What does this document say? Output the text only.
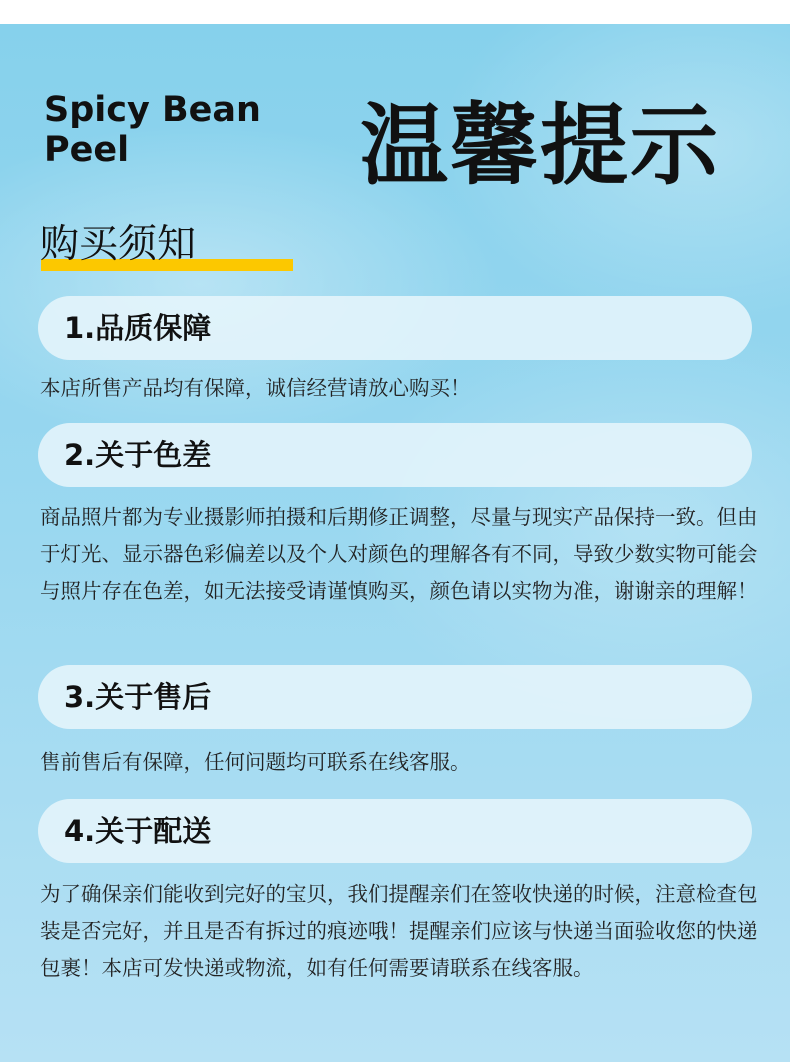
Spicy Bean Peel	温馨提示
购买须知
1.品质保障
本店所售产品均有保障，诚信经营请放心购买！
2.关于色差
商品照片都为专业摄影师拍摄和后期修正调整，尽量与现实产品保持一致。但由于灯光、显示器色彩偏差以及个人对颜色的理解各有不同，导致少数实物可能会与照片存在色差，如无法接受请谨慎购买，颜色请以实物为准，谢谢亲的理解！
3.关于售后
售前售后有保障，任何问题均可联系在线客服。
4.关于配送
为了确保亲们能收到完好的宝贝，我们提醒亲们在签收快递的时候，注意检查包装是否完好，并且是否有拆过的痕迹哦！提醒亲们应该与快递当面验收您的快递包裹！本店可发快递或物流，如有任何需要请联系在线客服。
